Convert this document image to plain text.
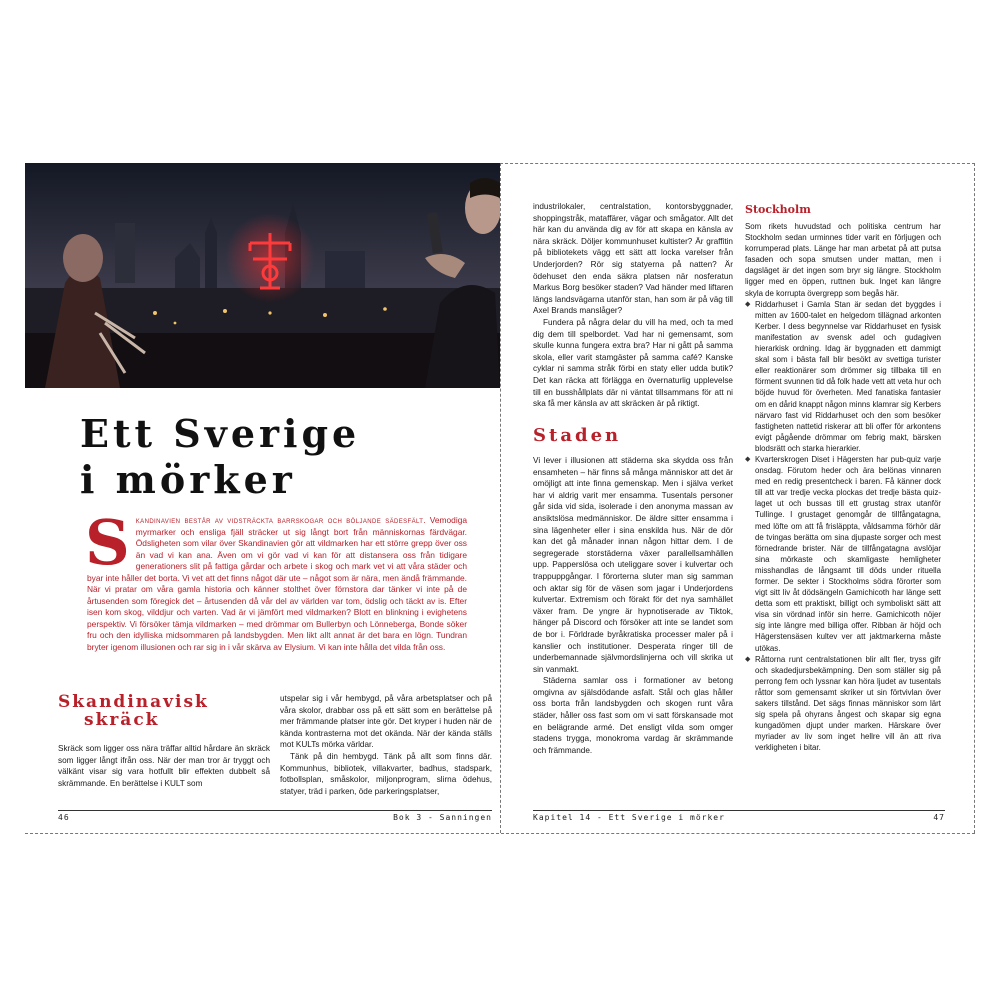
Ett Sverige
i mörker
Skandinavien består av vidsträckta barrskogar och böljande sädesfält. Vemodiga myrmarker och ensliga fjäll sträcker ut sig långt bort från människornas färdvägar. Ödsligheten som vilar över Skandinavien gör att vildmarken har ett större grepp över oss än vad vi kan ana. Även om vi gör vad vi kan för att distansera oss från tidigare generationers slit på fattiga gårdar och arbete i skog och mark vet vi att våra städer och byar inte håller det borta. Vi vet att det finns något där ute – något som är nära, men ändå främmande. När vi pratar om våra gamla historia och känner stolthet över förnstora dar tänker vi inte på de årtusenden som föregick det – årtusenden då vår del av världen var tom, ödslig och täckt av is. Efter isen kom skog, vilddjur och varten. Vad är vi jämfört med vildmarken? Blott en blinkning i evighetens perspektiv. Vi försöker tämja vildmarken – med drömmar om Bullerbyn och Lönneberga, Bonde söker fru och den idylliska midsommaren på landsbygden. Men likt allt annat är det bara en lögn. Tundran bryter igenom illusionen och rar sig in i vår skärva av Elysium. Vi kan inte hålla det vilda från oss.
Skandinavisk
skräck

Skräck som ligger oss nära träffar alltid hårdare än skräck som ligger långt ifrån oss. När der man tror är tryggt och välkänt visar sig vara hotfullt blir effekten dubbelt så skrämmande. En berättelse i KULT som

utspelar sig i vår hembygd, på våra arbetsplatser och på våra skolor, drabbar oss på ett sätt som en berättelse på mer främmande platser inte gör. Det kryper i huden när de kända kontrasterna mot det okända. När der kända ställs mot KULTs mörka världar.

Tänk på din hembygd. Tänk på allt som finns där. Kommunhus, bibliotek, villakvarter, badhus, stadspark, fotbollsplan, småskolor, miljonprogram, slirna ödehus, statyer, träd i parken, öde parkeringsplatser,

46	Bok 3 - Sanningen

industrilokaler, centralstation, kontorsbyggnader, shoppingstråk, mataffärer, vägar och smågator. Allt det här kan du använda dig av för att skapa en känsla av nära skräck. Döljer kommunhuset kultister? Är graffitin på bibliotekets vägg ett sätt att locka varelser från Underjorden? Rör sig statyerna på natten? Är ödehuset den enda säkra platsen när nosferatun Markus Borg besöker staden? Vad händer med liftaren längs landsvägarna utanför stan, han som är på väg till Axel Brands manslåger?

Fundera på några delar du vill ha med, och ta med dig dem till spelbordet. Vad har ni gemensamt, som skulle kunna fungera extra bra? Har ni gått på samma skola, eller varit stamgäster på samma café? Kanske cyklar ni samma stråk förbi en staty eller udda butik? Det kan räcka att förlägga en övernaturlig upplevelse till en busshållplats där ni väntat tillsammans för att ni ska få mer känsla av att skräcken är på riktigt.

Staden

Vi lever i illusionen att städerna ska skydda oss från ensamheten – här finns så många människor att det är omöjligt att inte finna gemenskap. Men i själva verket har vi aldrig varit mer ensamma. Tusentals personer går sida vid sida, isolerade i den anonyma massan av ansiktslösa medmänniskor. De äldre sitter ensamma i sina lägenheter eller i sina enskilda hus. När de dör kan det gå månader innan någon hittar dem. I de segregerade storstäderna växer parallellsamhällen upp. Papperslösa och uteliggare sover i kulvertar och trappuppgångar. I förorterna sluter man sig samman och aktar sig för de väsen som jagar i Underjordens kulvertar. Extremism och förakt för det nya samhället växer fram. De yngre är hypnotiserade av Tiktok, hänger på Discord och försöker att inte se landet som de bor i. Förldrade byråkratiska processer maler på i kanslier och institutioner. Desperata ringer till de underbemannade självmordslinjerna och vill skrika ut sin vanmakt.

Städerna samlar oss i formationer av betong omgivna av själsdödande asfalt. Stål och glas håller oss borta från landsbygden och skogen runt våra städer, håller oss fast som om vi satt förskansade mot en belägrande armé. Det ensligt vilda som omger stadens trygga, monokroma vardag är skrämmande och främmande.

Stockholm

Som rikets huvudstad och politiska centrum har Stockholm sedan urminnes tider varit en förljugen och korrumperad plats. Länge har man arbetat på att putsa fasaden och sopa smutsen under mattan, men i dagsläget är det ingen som bryr sig längre. Stockholm ligger med en öppen, ruttnen buk. Inget kan längre skyla de korrupta övergrepp som begås här.

◆ Riddarhuset i Gamla Stan är sedan det byggdes i mitten av 1600-talet en helgedom tillägnad arkonten Kerber. I dess begynnelse var Riddarhuset en fysisk manifestation av svensk adel och gudagiven hierarkisk ordning. Idag är byggnaden ett dammigt skal som i bästa fall blir besökt av svettiga turister eller reaktionärer som drömmer sig tillbaka till en förment svunnen tid då folk hade vett att veta hur och böjde huvud för överheten. Med fanatiska fantasier om en dårid knappt någon minns klamrar sig Kerbers närvaro fast vid Riddarhuset och den som besöker fastigheten nattetid riskerar att bli offer för arkontens evigt pågående drömmar om febrig makt, bärsken blodsrätt och starka hierarkier.
◆ Kvarterskrogen Diset i Hägersten har pub-quiz varje onsdag. Förutom heder och ära belönas vinnaren med en redig presentcheck i baren. Få känner dock till att var tredje vecka plockas det tredje bästa quiz-laget ut och bussas till ett grustag strax utanför Tullinge. I grustaget genomgår de tillfångatagna, med löfte om att få frisläppta, våldsamma förhör där de tvingas berätta om sina djupaste sorger och mest förnedrande brister. När de tillfångatagna avslöjar sina mörkaste och skamligaste hemligheter misshandlas de långsamt till döds under rituella former. De sekter i Stockholms södra förorter som vigt sitt liv åt dödsängeln Gamichicoth har länge sett detta som ett praktiskt, billigt och symboliskt sätt att visa sin vördnad inför sin herre. Gamichicoth nöjer sig inte längre med billiga offer. Ribban är höjd och Hägerstensäsen kultev ver att jaktmarkerna måste utökas.
◆ Råttorna runt centralstationen blir allt fler, tryss gifr och skadedjursbekämpning. Den som ställer sig på perrong fem och lyssnar kan höra ljudet av tusentals råttor som gemensamt skriker ut sin förtvivlan över sakers tillstånd. Det sägs finnas människor som lärt sig spela på ohyrans ångest och skapar sig egna kungadömen djupt under marken. Härskare över myriader av liv som inget hellre vill än att riva verkligheten i bitar.
Kapitel 14 - Ett Sverige i mörker	47
